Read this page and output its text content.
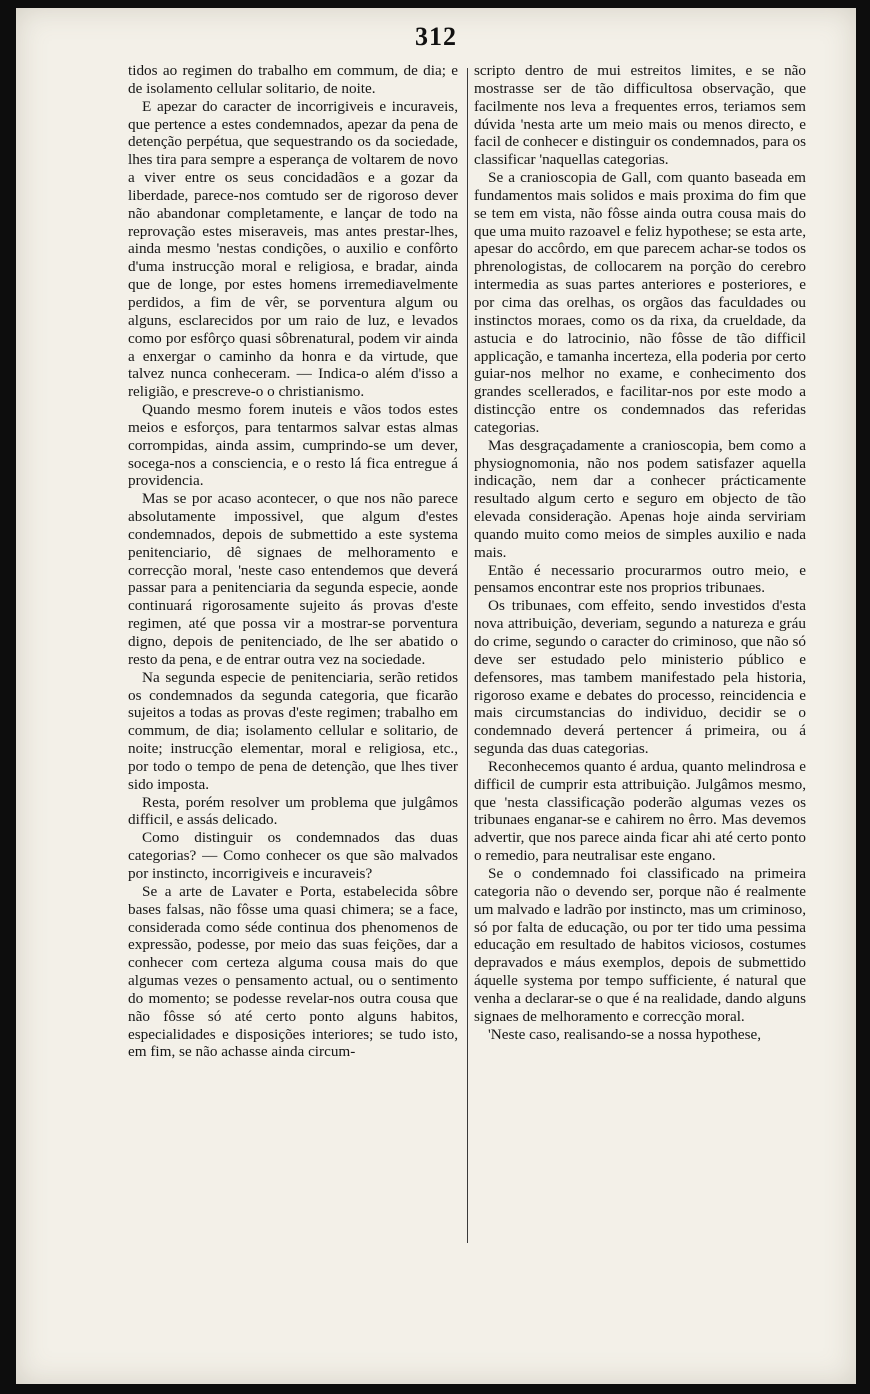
312

tidos ao regimen do trabalho em commum, de dia; e de isolamento cellular solitario, de noite.

E apezar do caracter de incorrigiveis e incuraveis, que pertence a estes condemnados, apezar da pena de detenção perpétua, que sequestrando os da sociedade, lhes tira para sempre a esperança de voltarem de novo a viver entre os seus concidadãos e a gozar da liberdade, parece-nos comtudo ser de rigoroso dever não abandonar completamente, e lançar de todo na reprovação estes miseraveis, mas antes prestar-lhes, ainda mesmo 'nestas condições, o auxilio e confôrto d'uma instrucção moral e religiosa, e bradar, ainda que de longe, por estes homens irremediavelmente perdidos, a fim de vêr, se porventura algum ou alguns, esclarecidos por um raio de luz, e levados como por esfôrço quasi sôbrenatural, podem vir ainda a enxergar o caminho da honra e da virtude, que talvez nunca conheceram. — Indica-o além d'isso a religião, e prescreve-o o christianismo.

Quando mesmo forem inuteis e vãos todos estes meios e esforços, para tentarmos salvar estas almas corrompidas, ainda assim, cumprindo-se um dever, socega-nos a consciencia, e o resto lá fica entregue á providencia.

Mas se por acaso acontecer, o que nos não parece absolutamente impossivel, que algum d'estes condemnados, depois de submettido a este systema penitenciario, dê signaes de melhoramento e correcção moral, 'neste caso entendemos que deverá passar para a penitenciaria da segunda especie, aonde continuará rigorosamente sujeito ás provas d'este regimen, até que possa vir a mostrar-se porventura digno, depois de penitenciado, de lhe ser abatido o resto da pena, e de entrar outra vez na sociedade.

Na segunda especie de penitenciaria, serão retidos os condemnados da segunda categoria, que ficarão sujeitos a todas as provas d'este regimen; trabalho em commum, de dia; isolamento cellular e solitario, de noite; instrucção elementar, moral e religiosa, etc., por todo o tempo de pena de detenção, que lhes tiver sido imposta.

Resta, porém resolver um problema que julgâmos difficil, e assás delicado.

Como distinguir os condemnados das duas categorias? — Como conhecer os que são malvados por instincto, incorrigiveis e incuraveis?

Se a arte de Lavater e Porta, estabelecida sôbre bases falsas, não fôsse uma quasi chimera; se a face, considerada como séde continua dos phenomenos de expressão, podesse, por meio das suas feições, dar a conhecer com certeza alguma cousa mais do que algumas vezes o pensamento actual, ou o sentimento do momento; se podesse revelar-nos outra cousa que não fôsse só até certo ponto alguns habitos, especialidades e disposições interiores; se tudo isto, em fim, se não achasse ainda circum-

scripto dentro de mui estreitos limites, e se não mostrasse ser de tão difficultosa observação, que facilmente nos leva a frequentes erros, teriamos sem dúvida 'nesta arte um meio mais ou menos directo, e facil de conhecer e distinguir os condemnados, para os classificar 'naquellas categorias.

Se a cranioscopia de Gall, com quanto baseada em fundamentos mais solidos e mais proxima do fim que se tem em vista, não fôsse ainda outra cousa mais do que uma muito razoavel e feliz hypothese; se esta arte, apesar do accôrdo, em que parecem achar-se todos os phrenologistas, de collocarem na porção do cerebro intermedia as suas partes anteriores e posteriores, e por cima das orelhas, os orgãos das faculdades ou instinctos moraes, como os da rixa, da crueldade, da astucia e do latrocinio, não fôsse de tão difficil applicação, e tamanha incerteza, ella poderia por certo guiar-nos melhor no exame, e conhecimento dos grandes scellerados, e facilitar-nos por este modo a distincção entre os condemnados das referidas categorias.

Mas desgraçadamente a cranioscopia, bem como a physiognomonia, não nos podem satisfazer aquella indicação, nem dar a conhecer prácticamente resultado algum certo e seguro em objecto de tão elevada consideração. Apenas hoje ainda serviriam quando muito como meios de simples auxilio e nada mais.

Então é necessario procurarmos outro meio, e pensamos encontrar este nos proprios tribunaes.

Os tribunaes, com effeito, sendo investidos d'esta nova attribuição, deveriam, segundo a natureza e gráu do crime, segundo o caracter do criminoso, que não só deve ser estudado pelo ministerio público e defensores, mas tambem manifestado pela historia, rigoroso exame e debates do processo, reincidencia e mais circumstancias do individuo, decidir se o condemnado deverá pertencer á primeira, ou á segunda das duas categorias.

Reconhecemos quanto é ardua, quanto melindrosa e difficil de cumprir esta attribuição. Julgâmos mesmo, que 'nesta classificação poderão algumas vezes os tribunaes enganar-se e cahirem no êrro. Mas devemos advertir, que nos parece ainda ficar ahi até certo ponto o remedio, para neutralisar este engano.

Se o condemnado foi classificado na primeira categoria não o devendo ser, porque não é realmente um malvado e ladrão por instincto, mas um criminoso, só por falta de educação, ou por ter tido uma pessima educação em resultado de habitos viciosos, costumes depravados e máus exemplos, depois de submettido áquelle systema por tempo sufficiente, é natural que venha a declarar-se o que é na realidade, dando alguns signaes de melhoramento e correcção moral.

'Neste caso, realisando-se a nossa hypothese,
